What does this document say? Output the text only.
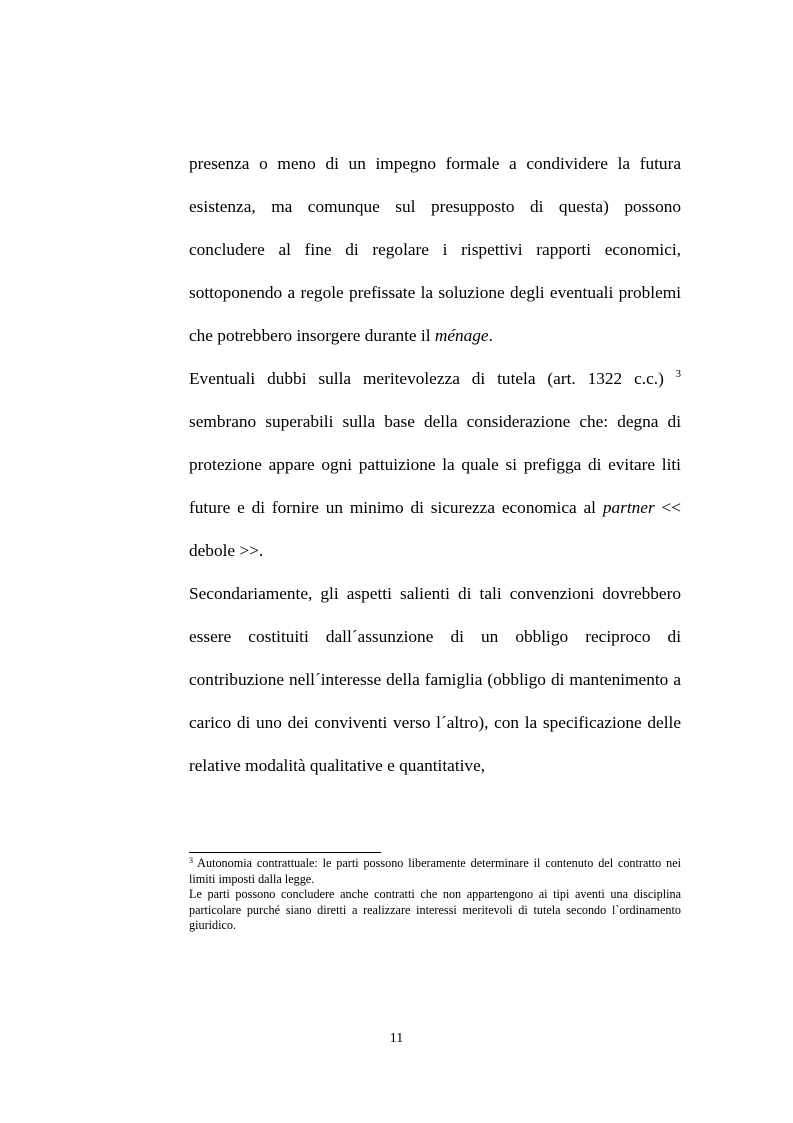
presenza o meno di un impegno formale a condividere la futura esistenza, ma comunque sul presupposto di questa) possono concludere al fine di regolare i rispettivi rapporti economici, sottoponendo a regole prefissate la soluzione degli eventuali problemi che potrebbero insorgere durante il ménage.

Eventuali dubbi sulla meritevolezza di tutela (art. 1322 c.c.) $^3$ sembrano superabili sulla base della considerazione che: degna di protezione appare ogni pattuizione la quale si prefigga di evitare liti future e di fornire un minimo di sicurezza economica al partner << debole >>.

Secondariamente, gli aspetti salienti di tali convenzioni dovrebbero essere costituiti dall´assunzione di un obbligo reciproco di contribuzione nell´interesse della famiglia (obbligo di mantenimento a carico di uno dei conviventi verso l´altro), con la specificazione delle relative modalità qualitative e quantitative,

$^3$ Autonomia contrattuale: le parti possono liberamente determinare il contenuto del contratto nei limiti imposti dalla legge.

Le parti possono concludere anche contratti che non appartengono ai tipi aventi una disciplina particolare purché siano diretti a realizzare interessi meritevoli di tutela secondo l`ordinamento giuridico.

11
